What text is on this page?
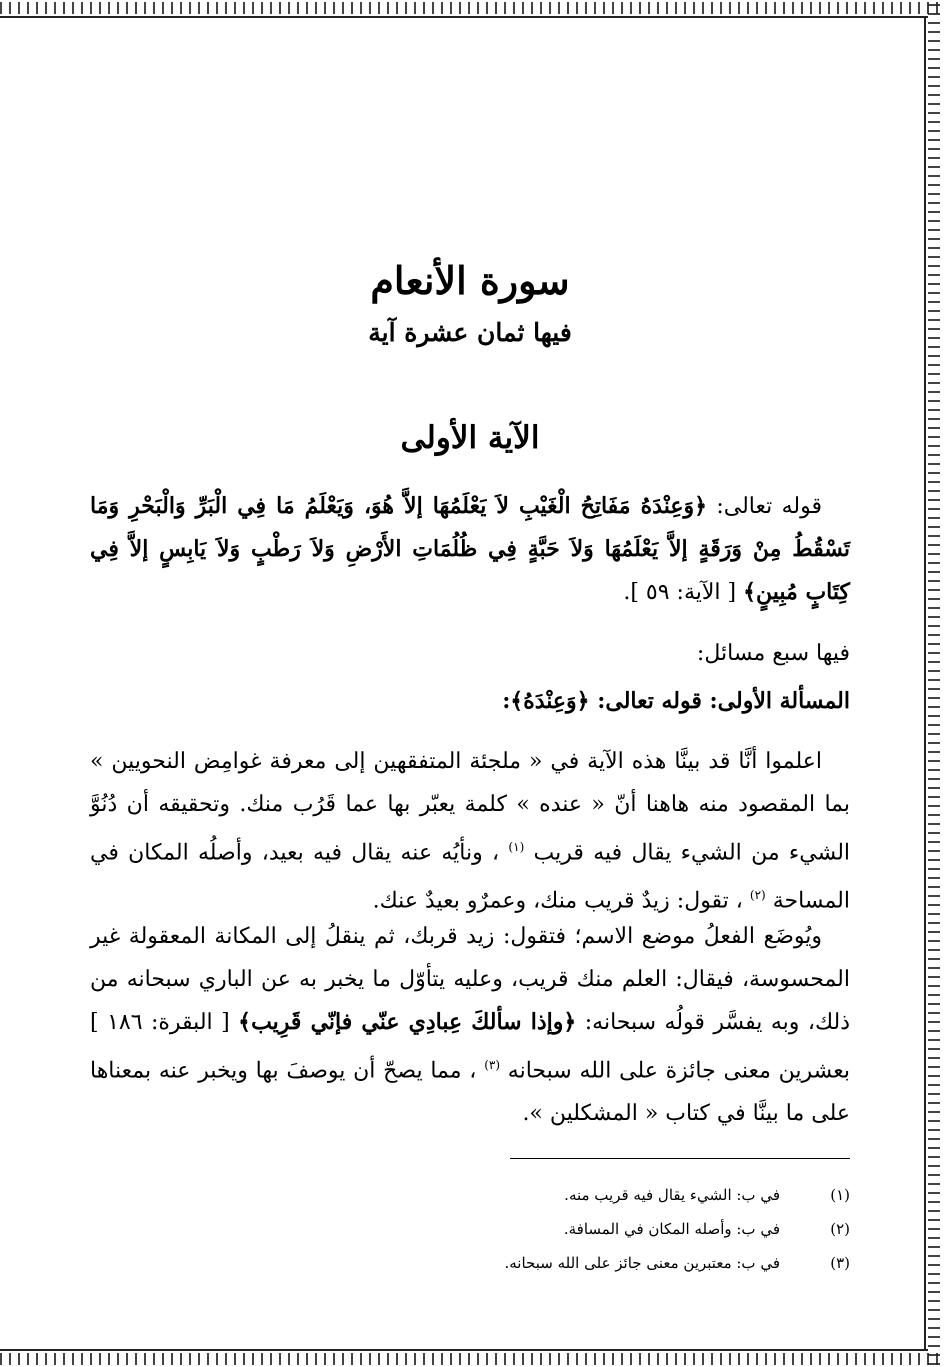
سورة الأنعام
فيها ثمان عشرة آية
الآية الأولى
قوله تعالى: ﴿وَعِنْدَهُ مَفَاتِحُ الْغَيْبِ لاَ يَعْلَمُهَا إلاَّ هُوَ، وَيَعْلَمُ مَا فِي الْبَرِّ وَالْبَحْرِ وَمَا تَسْقُطُ مِنْ وَرَقَةٍ إلاَّ يَعْلَمُهَا وَلاَ حَبَّةٍ فِي ظُلُمَاتِ الأَرْضِ وَلاَ رَطْبٍ وَلاَ يَابِسٍ إلاَّ فِي كِتَابٍ مُبِينٍ﴾ [ الآية: ٥٩ ].
فيها سبع مسائل:
المسألة الأولى: قوله تعالى: ﴿وَعِنْدَهُ﴾:
اعلموا أنَّا قد بينَّا هذه الآية في « ملجئة المتفقهين إلى معرفة غوامِض النحويين » بما المقصود منه هاهنا أنّ « عنده » كلمة يعبّر بها عما قَرُب منك. وتحقيقه أن دُنُوَّ الشيء من الشيء يقال فيه قريب $^{(١)}$ ، ونأيُه عنه يقال فيه بعيد، وأصلُه المكان في المساحة $^{(٢)}$ ، تقول: زيدٌ قريب منك، وعمرٌو بعيدٌ عنك.
ويُوضَع الفعلُ موضع الاسم؛ فتقول: زيد قربك، ثم ينقلُ إلى المكانة المعقولة غير المحسوسة، فيقال: العلم منك قريب، وعليه يتأوّل ما يخبر به عن الباري سبحانه من ذلك، وبه يفسَّر قولُه سبحانه: ﴿وإذا سألكَ عِبادِي عنّي فإنّي قَرِيب﴾ [ البقرة: ١٨٦ ] بعشرين معنى جائزة على الله سبحانه $^{(٣)}$ ، مما يصحّ أن يوصفَ بها ويخبر عنه بمعناها على ما بينَّا في كتاب « المشكلين ».
(١)
في ب: الشيء يقال فيه قريب منه.
(٢)
في ب: وأصله المكان في المسافة.
(٣)
في ب: معتبرين معنى جائز على الله سبحانه.
